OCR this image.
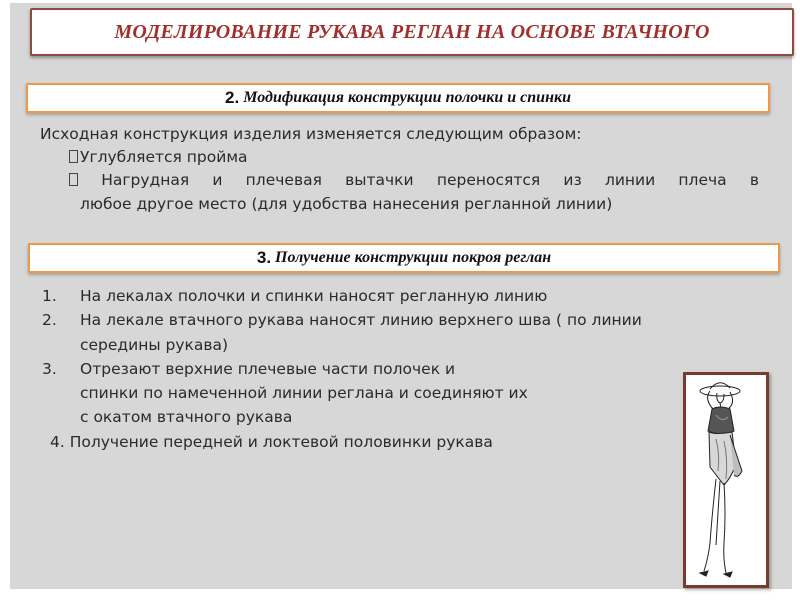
МОДЕЛИРОВАНИЕ РУКАВА РЕГЛАН НА ОСНОВЕ ВТАЧНОГО
2. Модификация конструкции полочки и спинки
Исходная конструкция изделия изменяется следующим образом:
Углубляется пройма
Нагрудная и плечевая вытачки переносятся из линии плеча в
любое другое место (для удобства нанесения регланной линии)
3. Получение конструкции покроя реглан
1. На лекалах полочки и спинки наносят регланную линию
2. На лекале втачного рукава наносят линию верхнего шва ( по линии
середины рукава)
3. Отрезают верхние плечевые части полочек и
спинки по намеченной линии реглана и соединяют их
с окатом втачного рукава
4. Получение передней и локтевой половинки рукава
